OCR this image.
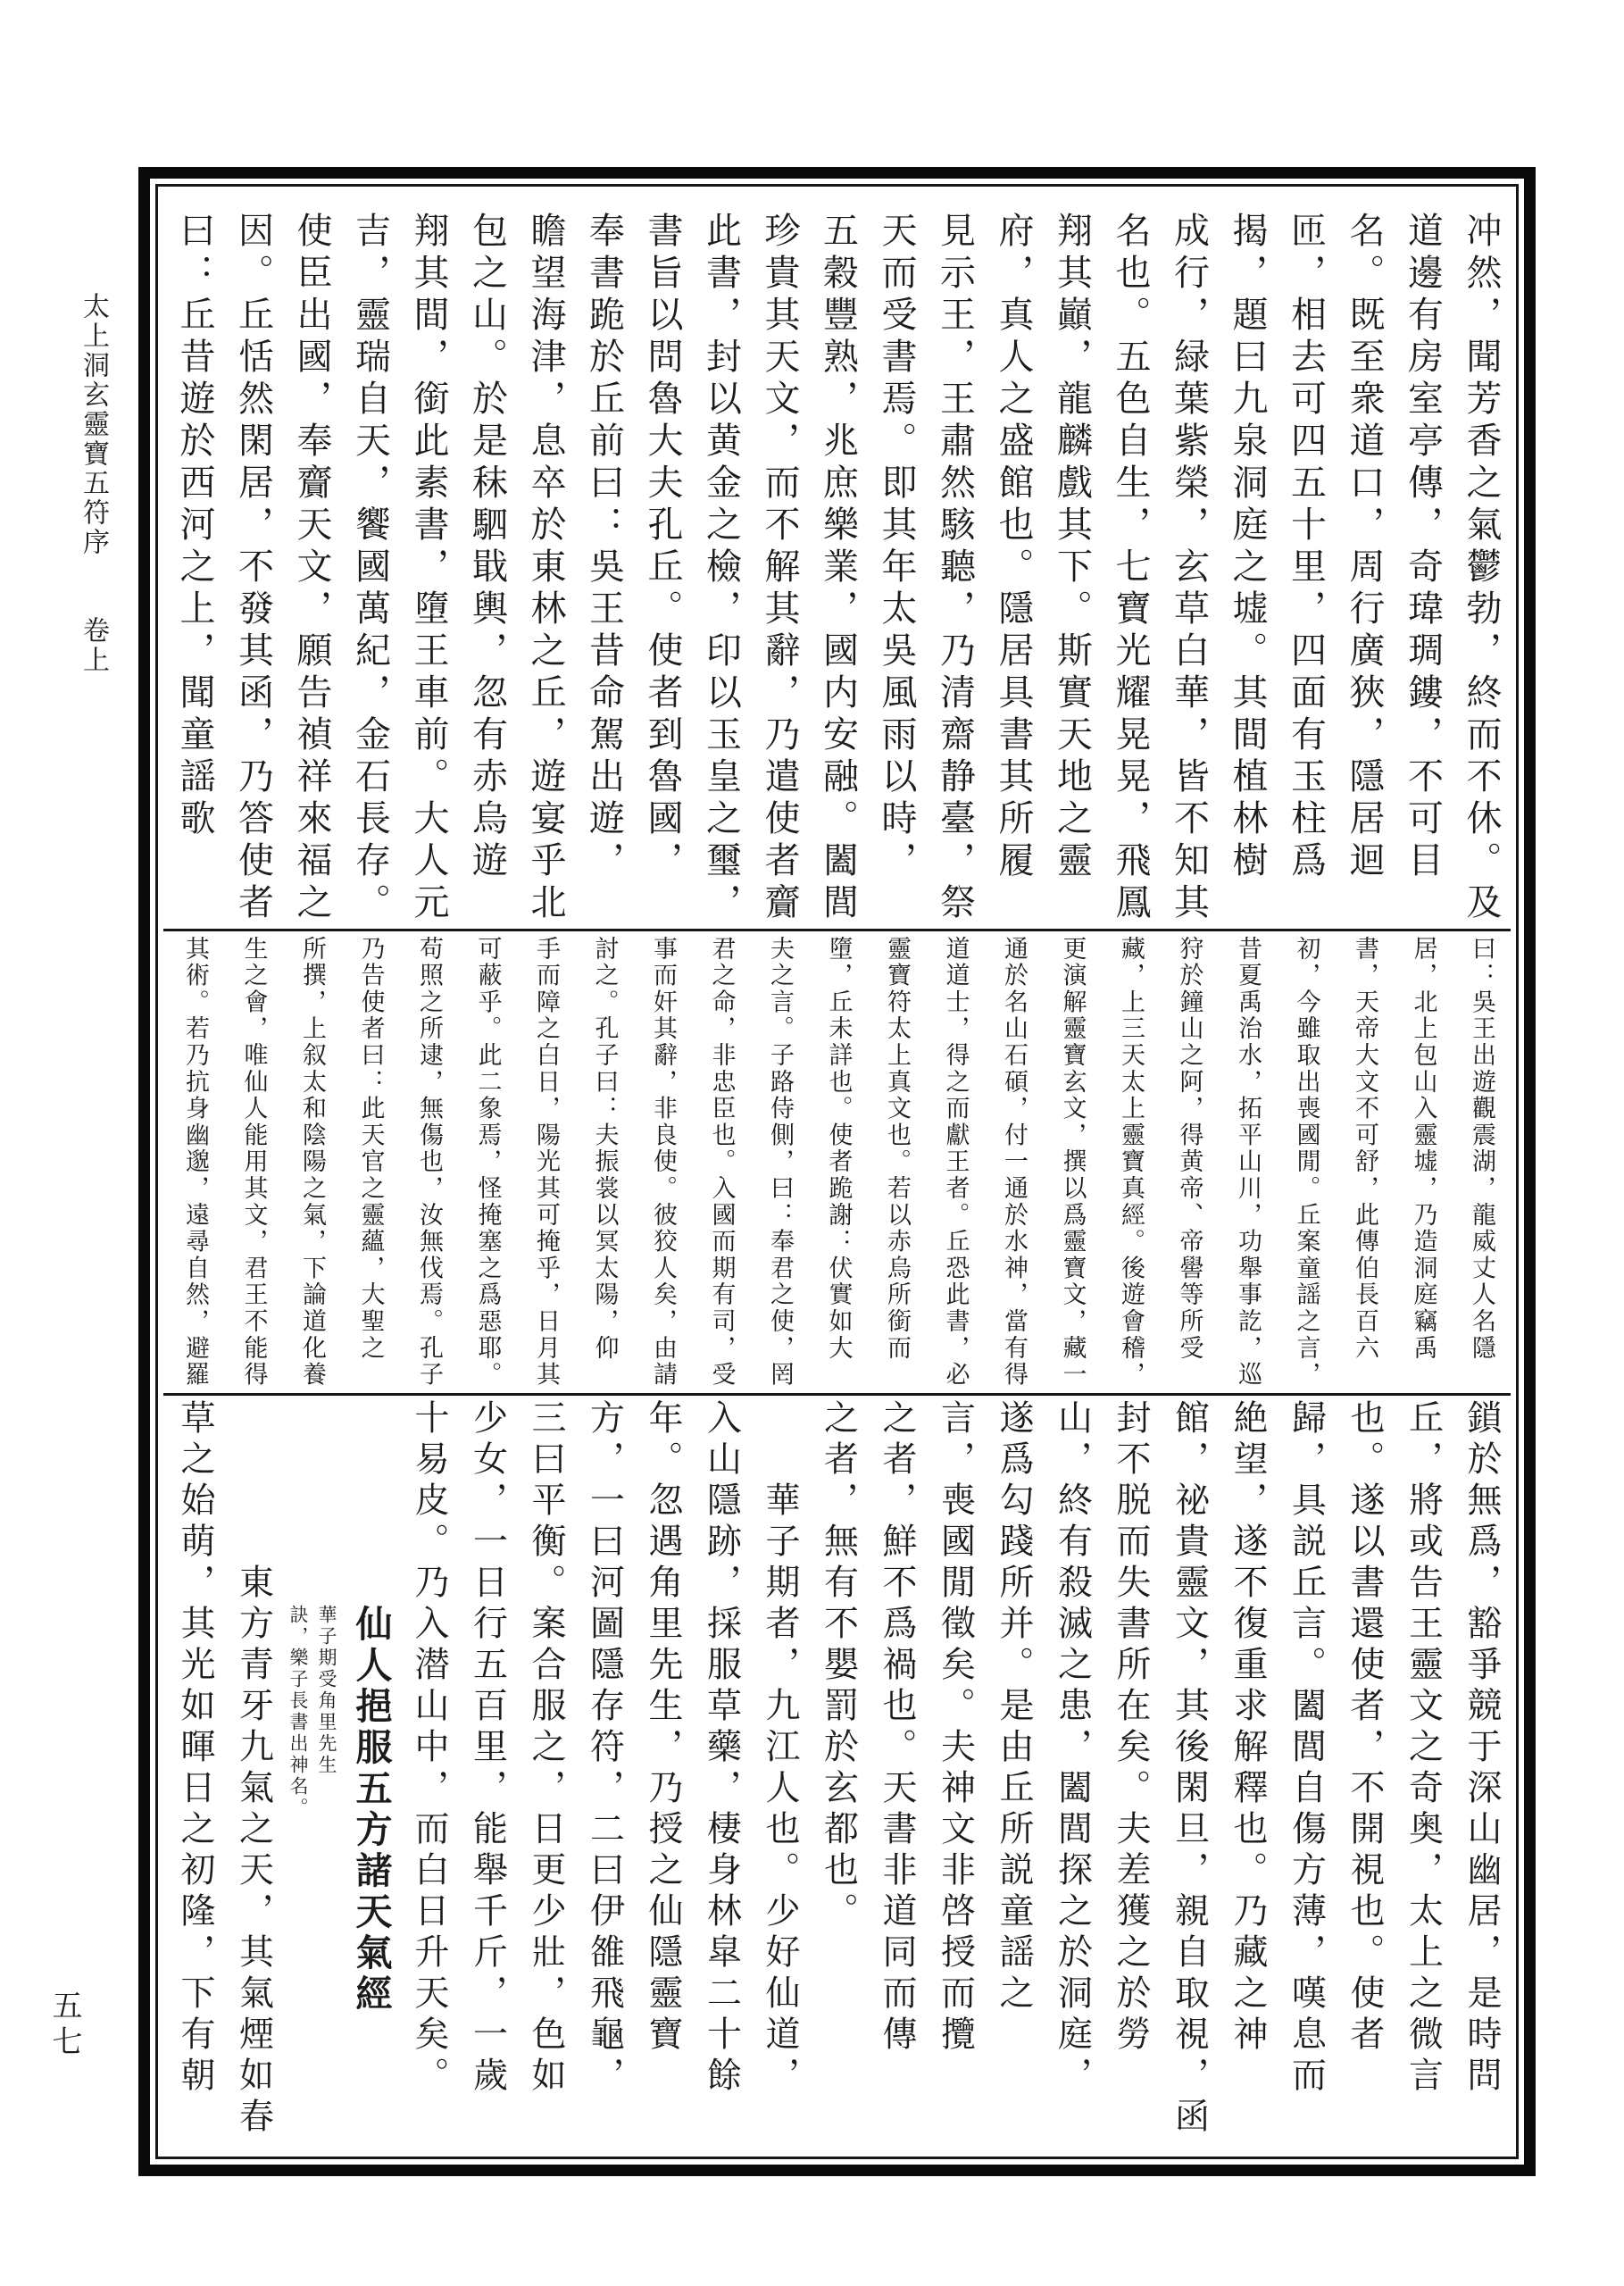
冲然，聞芳香之氣鬱勃，終而不休。及
道邊有房室亭傳，奇瑋琱鏤，不可目
名。既至衆道口，周行廣狹，隱居迴
匝，相去可四五十里，四面有玉柱爲
揭，題曰九泉洞庭之墟。其間植林樹
成行，緑葉紫榮，玄草白華，皆不知其
名也。五色自生，七寶光耀晃晃，飛鳳
翔其巓，龍麟戲其下。斯實天地之靈
府，真人之盛館也。隱居具書其所履
見示王，王肅然駭聽，乃清齋静臺，祭
天而受書焉。即其年太吳風雨以時，
五穀豐熟，兆庶樂業，國内安融。闔閭
珍貴其天文，而不解其辭，乃遣使者齎
此書，封以黄金之檢，印以玉皇之璽，
書旨以問魯大夫孔丘。使者到魯國，
奉書跪於丘前曰：吳王昔命駕出遊，
瞻望海津，息卒於東林之丘，遊宴乎北
包之山。於是秣駟戢輿，忽有赤烏遊
翔其間，銜此素書，墮王車前。大人元
吉，靈瑞自天，饗國萬紀，金石長存。
使臣出國，奉齎天文，願告禎祥來福之
因。丘恬然閑居，不發其函，乃答使者
曰：丘昔遊於西河之上，聞童謡歌
曰：吳王出遊觀震湖，龍威丈人名隱
居，北上包山入靈墟，乃造洞庭竊禹
書，天帝大文不可舒，此傳伯長百六
初，今雖取出喪國閒。丘案童謡之言，
昔夏禹治水，拓平山川，功舉事訖，巡
狩於鐘山之阿，得黄帝、帝嚳等所受
藏，上三天太上靈寶真經。後遊會稽，
更演解靈寶玄文，撰以爲靈寶文，藏一
通於名山石碩，付一通於水神，當有得
道道士，得之而獻王者。丘恐此書，必
靈寶符太上真文也。若以赤烏所銜而
墮，丘未詳也。使者跪謝：伏實如大
夫之言。子路侍側，曰：奉君之使，罔
君之命，非忠臣也。入國而期有司，受
事而奸其辭，非良使。彼狡人矣，由請
討之。孔子曰：夫振裳以冥太陽，仰
手而障之白日，陽光其可掩乎，日月其
可蔽乎。此二象焉，怪掩塞之爲惡耶。
苟照之所逮，無傷也，汝無伐焉。孔子
乃告使者曰：此天官之靈蘊，大聖之
所撰，上叙太和陰陽之氣，下論道化養
生之會，唯仙人能用其文，君王不能得
其術。若乃抗身幽邈，遠尋自然，避羅
鎖於無爲，豁爭競于深山幽居，是時問
丘，將或告王靈文之奇奥，太上之微言
也。遂以書還使者，不開視也。使者
歸，具説丘言。闔閭自傷方薄，嘆息而
絶望，遂不復重求解釋也。乃藏之神
館，祕貴靈文，其後閑旦，親自取視，函
封不脱而失書所在矣。夫差獲之於勞
山，終有殺滅之患，闔閭探之於洞庭，
遂爲勾踐所并。是由丘所説童謡之
言，喪國閒徵矣。夫神文非啓授而攬
之者，鮮不爲禍也。天書非道同而傳
之者，無有不嬰罰於玄都也。
華子期者，九江人也。少好仙道，
入山隱跡，採服草藥，棲身林皐二十餘
年。忽遇角里先生，乃授之仙隱靈寶
方，一曰河圖隱存符，二曰伊雒飛龜，
三曰平衡。案合服之，日更少壯，色如
少女，一日行五百里，能舉千斤，一歲
十易皮。乃入潜山中，而白日升天矣。
仙人挹服五方諸天氣經
華子期受角里先生
訣，樂子長書出神名。
東方青牙九氣之天，其氣煙如春
草之始萌，其光如暉日之初隆，下有朝
太上洞玄靈寶五符序 卷上
五七
